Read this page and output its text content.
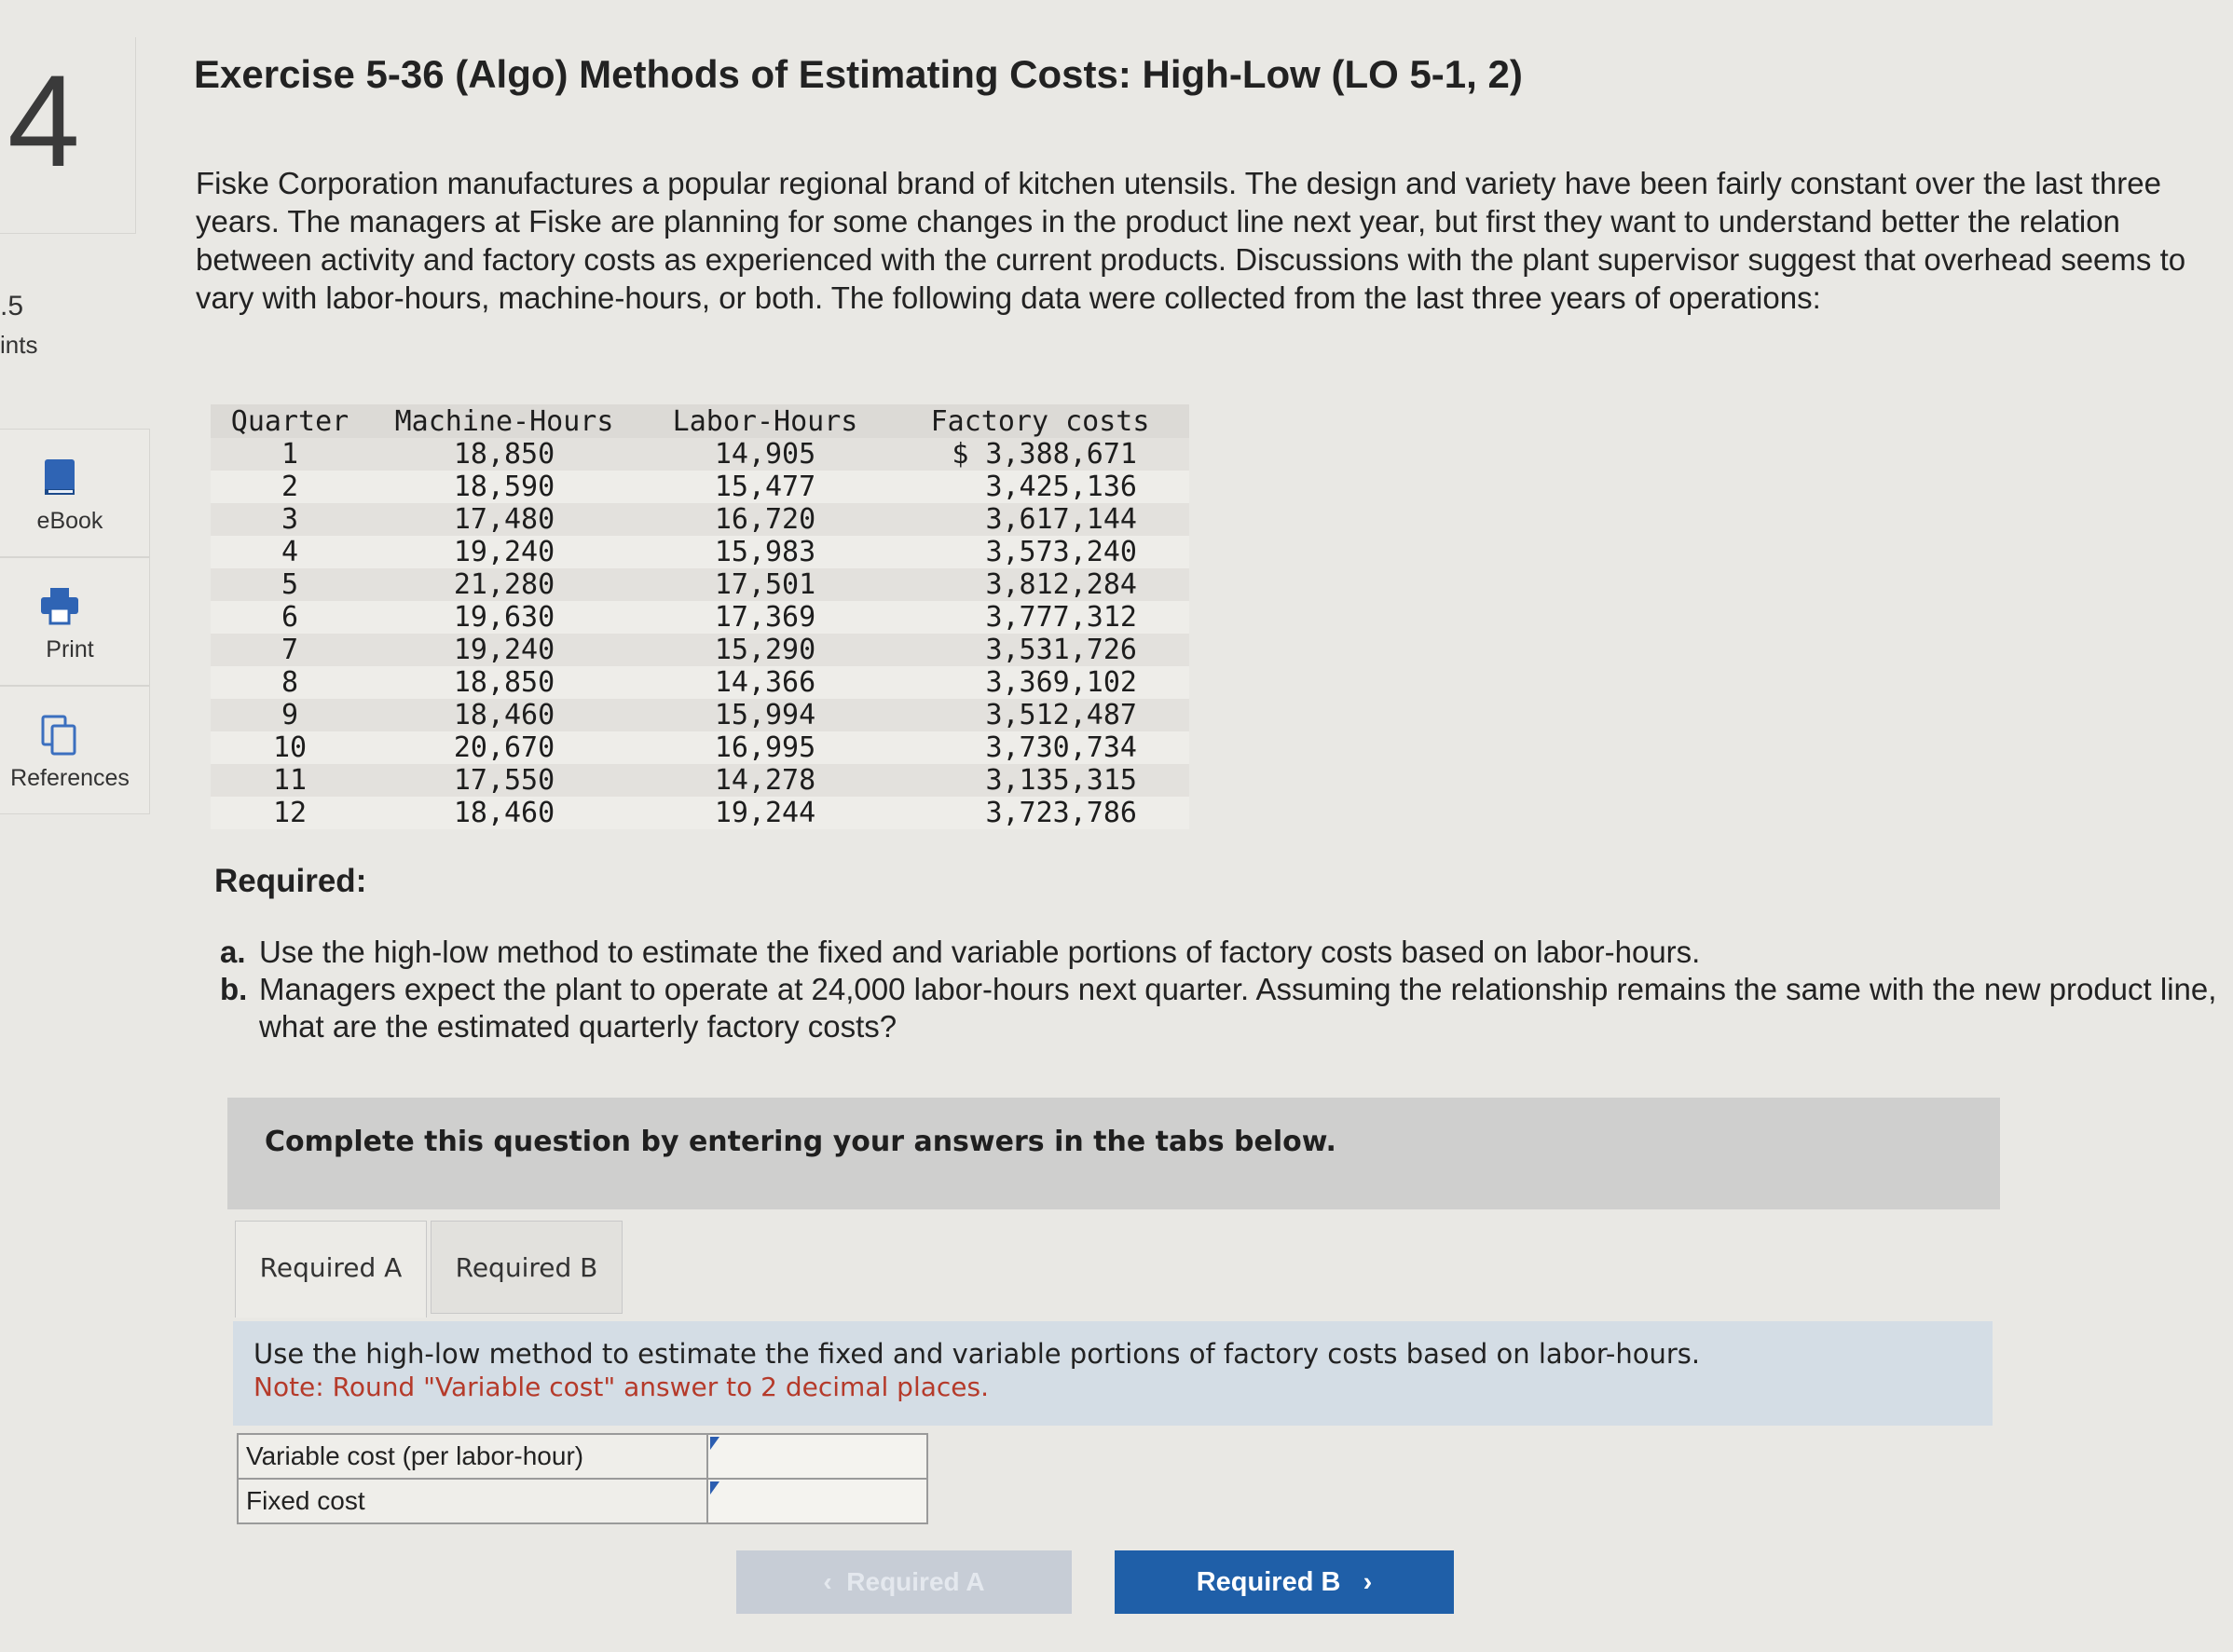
4
.5
ints
eBook
Print
References
Exercise 5-36 (Algo) Methods of Estimating Costs: High-Low (LO 5-1, 2)
Fiske Corporation manufactures a popular regional brand of kitchen utensils. The design and variety have been fairly constant over the last three years. The managers at Fiske are planning for some changes in the product line next year, but first they want to understand better the relation between activity and factory costs as experienced with the current products. Discussions with the plant supervisor suggest that overhead seems to vary with labor-hours, machine-hours, or both. The following data were collected from the last three years of operations:
Quarter	Machine-Hours	Labor-Hours	Factory costs
1	18,850	14,905	$ 3,388,671
2	18,590	15,477	3,425,136
3	17,480	16,720	3,617,144
4	19,240	15,983	3,573,240
5	21,280	17,501	3,812,284
6	19,630	17,369	3,777,312
7	19,240	15,290	3,531,726
8	18,850	14,366	3,369,102
9	18,460	15,994	3,512,487
10	20,670	16,995	3,730,734
11	17,550	14,278	3,135,315
12	18,460	19,244	3,723,786
Required:
a. Use the high-low method to estimate the fixed and variable portions of factory costs based on labor-hours.
b. Managers expect the plant to operate at 24,000 labor-hours next quarter. Assuming the relationship remains the same with the new product line, what are the estimated quarterly factory costs?
Complete this question by entering your answers in the tabs below.
Required A	Required B
Use the high-low method to estimate the fixed and variable portions of factory costs based on labor-hours.
Note: Round "Variable cost" answer to 2 decimal places.
Variable cost (per labor-hour)	

Fixed cost	
‹  Required A	Required B   ›
